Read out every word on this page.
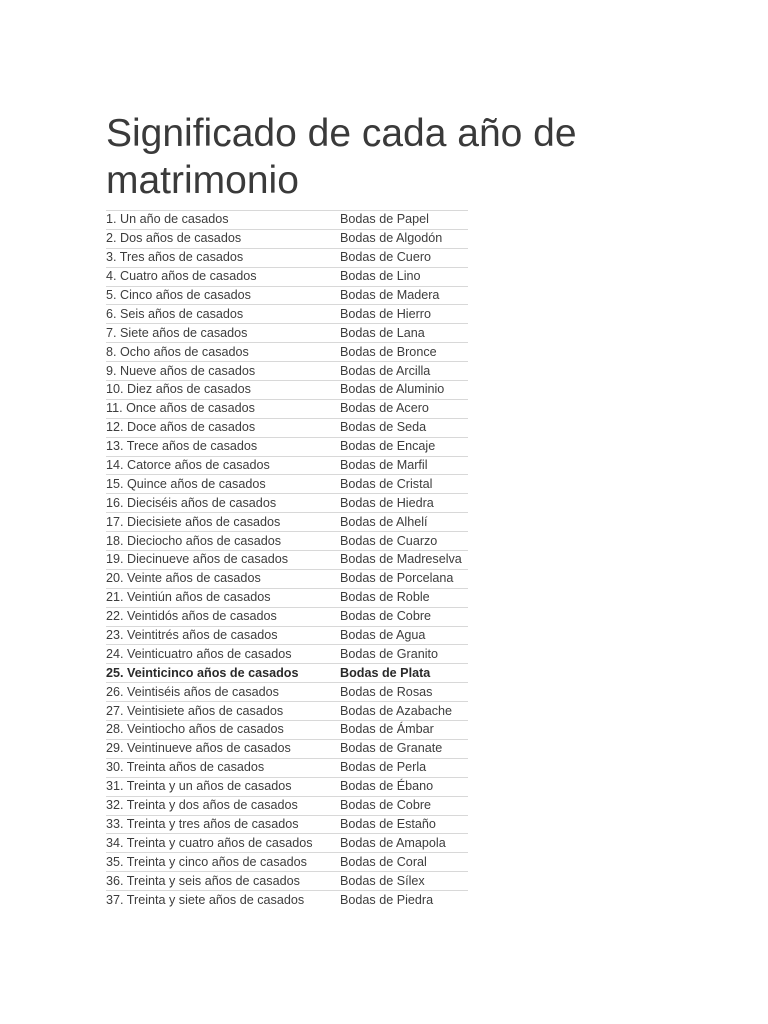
Significado de cada año de matrimonio
1. Un año de casados	Bodas de Papel
2. Dos años de casados	Bodas de Algodón
3. Tres años de casados	Bodas de Cuero
4. Cuatro años de casados	Bodas de Lino
5. Cinco años de casados	Bodas de Madera
6. Seis años de casados	Bodas de Hierro
7. Siete años de casados	Bodas de Lana
8. Ocho años de casados	Bodas de Bronce
9. Nueve años de casados	Bodas de Arcilla
10. Diez años de casados	Bodas de Aluminio
11. Once años de casados	Bodas de Acero
12. Doce años de casados	Bodas de Seda
13. Trece años de casados	Bodas de Encaje
14. Catorce años de casados	Bodas de Marfil
15. Quince años de casados	Bodas de Cristal
16. Dieciséis años de casados	Bodas de Hiedra
17. Diecisiete años de casados	Bodas de Alhelí
18. Dieciocho años de casados	Bodas de Cuarzo
19. Diecinueve años de casados	Bodas de Madreselva
20. Veinte años de casados	Bodas de Porcelana
21. Veintiún años de casados	Bodas de Roble
22. Veintidós años de casados	Bodas de Cobre
23. Veintitrés años de casados	Bodas de Agua
24. Veinticuatro años de casados	Bodas de Granito
25. Veinticinco años de casados	Bodas de Plata
26. Veintiséis años de casados	Bodas de Rosas
27. Veintisiete años de casados	Bodas de Azabache
28. Veintiocho años de casados	Bodas de Ámbar
29. Veintinueve años de casados	Bodas de Granate
30. Treinta años de casados	Bodas de Perla
31. Treinta y un años de casados	Bodas de Ébano
32. Treinta y dos años de casados	Bodas de Cobre
33. Treinta y tres años de casados	Bodas de Estaño
34. Treinta y cuatro años de casados	Bodas de Amapola
35. Treinta y cinco años de casados	Bodas de Coral
36. Treinta y seis años de casados	Bodas de Sílex
37. Treinta y siete años de casados	Bodas de Piedra
